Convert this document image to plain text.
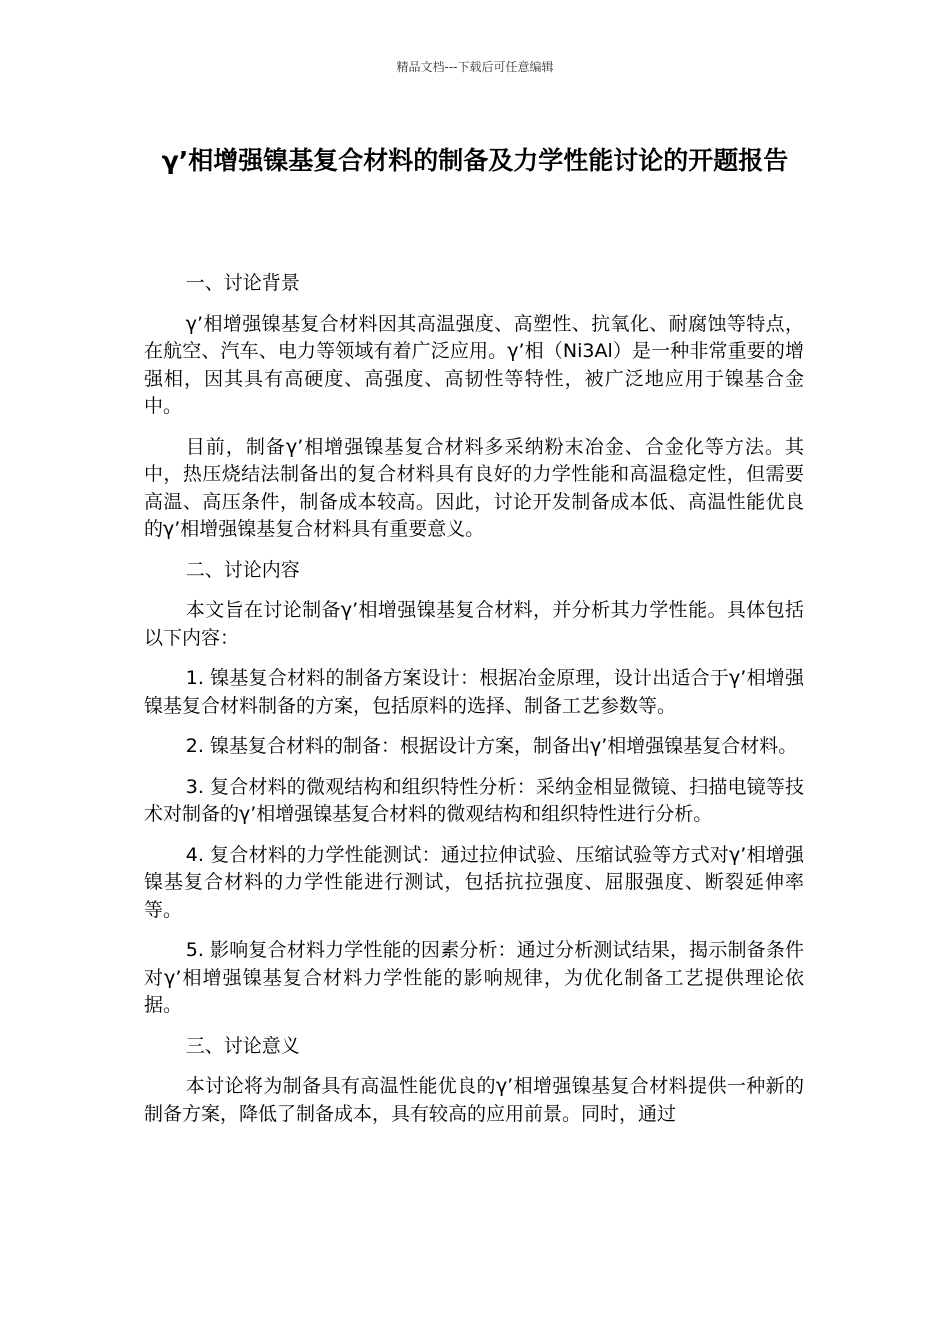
精品文档---下载后可任意编辑
γ’相增强镍基复合材料的制备及力学性能讨论的开题报告

一、讨论背景

γ’相增强镍基复合材料因其高温强度、高塑性、抗氧化、耐腐蚀等特点，在航空、汽车、电力等领域有着广泛应用。γ’相（Ni3Al）是一种非常重要的增强相，因其具有高硬度、高强度、高韧性等特性，被广泛地应用于镍基合金中。

目前，制备γ’相增强镍基复合材料多采纳粉末冶金、合金化等方法。其中，热压烧结法制备出的复合材料具有良好的力学性能和高温稳定性，但需要高温、高压条件，制备成本较高。因此，讨论开发制备成本低、高温性能优良的γ’相增强镍基复合材料具有重要意义。

二、讨论内容

本文旨在讨论制备γ’相增强镍基复合材料，并分析其力学性能。具体包括以下内容：

1. 镍基复合材料的制备方案设计：根据冶金原理，设计出适合于γ’相增强镍基复合材料制备的方案，包括原料的选择、制备工艺参数等。

2. 镍基复合材料的制备：根据设计方案，制备出γ’相增强镍基复合材料。

3. 复合材料的微观结构和组织特性分析：采纳金相显微镜、扫描电镜等技术对制备的γ’相增强镍基复合材料的微观结构和组织特性进行分析。

4. 复合材料的力学性能测试：通过拉伸试验、压缩试验等方式对γ’相增强镍基复合材料的力学性能进行测试，包括抗拉强度、屈服强度、断裂延伸率等。

5. 影响复合材料力学性能的因素分析：通过分析测试结果，揭示制备条件对γ’相增强镍基复合材料力学性能的影响规律，为优化制备工艺提供理论依据。

三、讨论意义

本讨论将为制备具有高温性能优良的γ’相增强镍基复合材料提供一种新的制备方案，降低了制备成本，具有较高的应用前景。同时，通过
